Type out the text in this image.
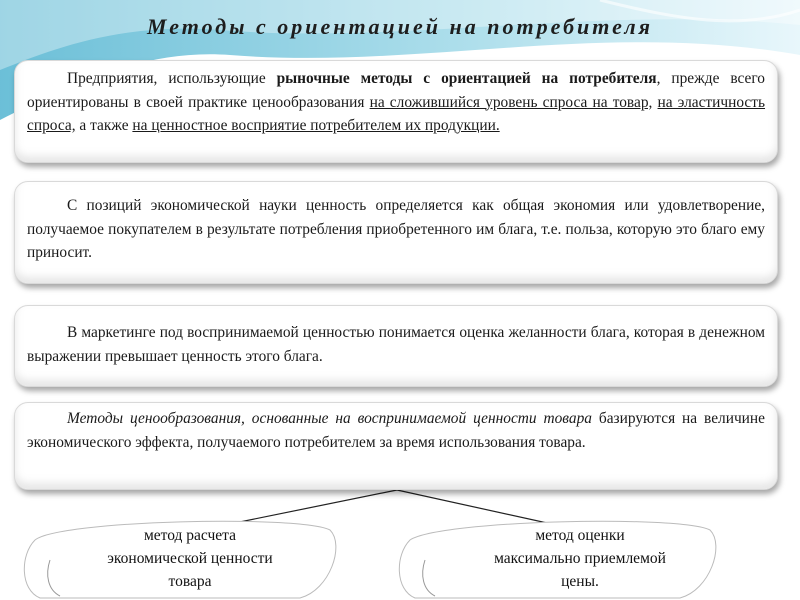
Методы с ориентацией на потребителя

Предприятия, использующие рыночные методы с ориентацией на потребителя, прежде всего ориентированы в своей практике ценообразования на сложившийся уровень спроса на товар, на эластичность спроса, а также на ценностное восприятие потребителем их продукции.

С позиций экономической науки ценность определяется как общая экономия или удовлетворение, получаемое покупателем в результате потребления приобретенного им блага, т.е. польза, которую это благо ему приносит.

В маркетинге под воспринимаемой ценностью понимается оценка желанности блага, которая в денежном выражении превышает ценность этого блага.

Методы ценообразования, основанные на воспринимаемой ценности товара базируются на величине экономического эффекта, получаемого потребителем за время использования товара.

метод расчета
экономической ценности
товара
метод оценки
максимально приемлемой
цены.
